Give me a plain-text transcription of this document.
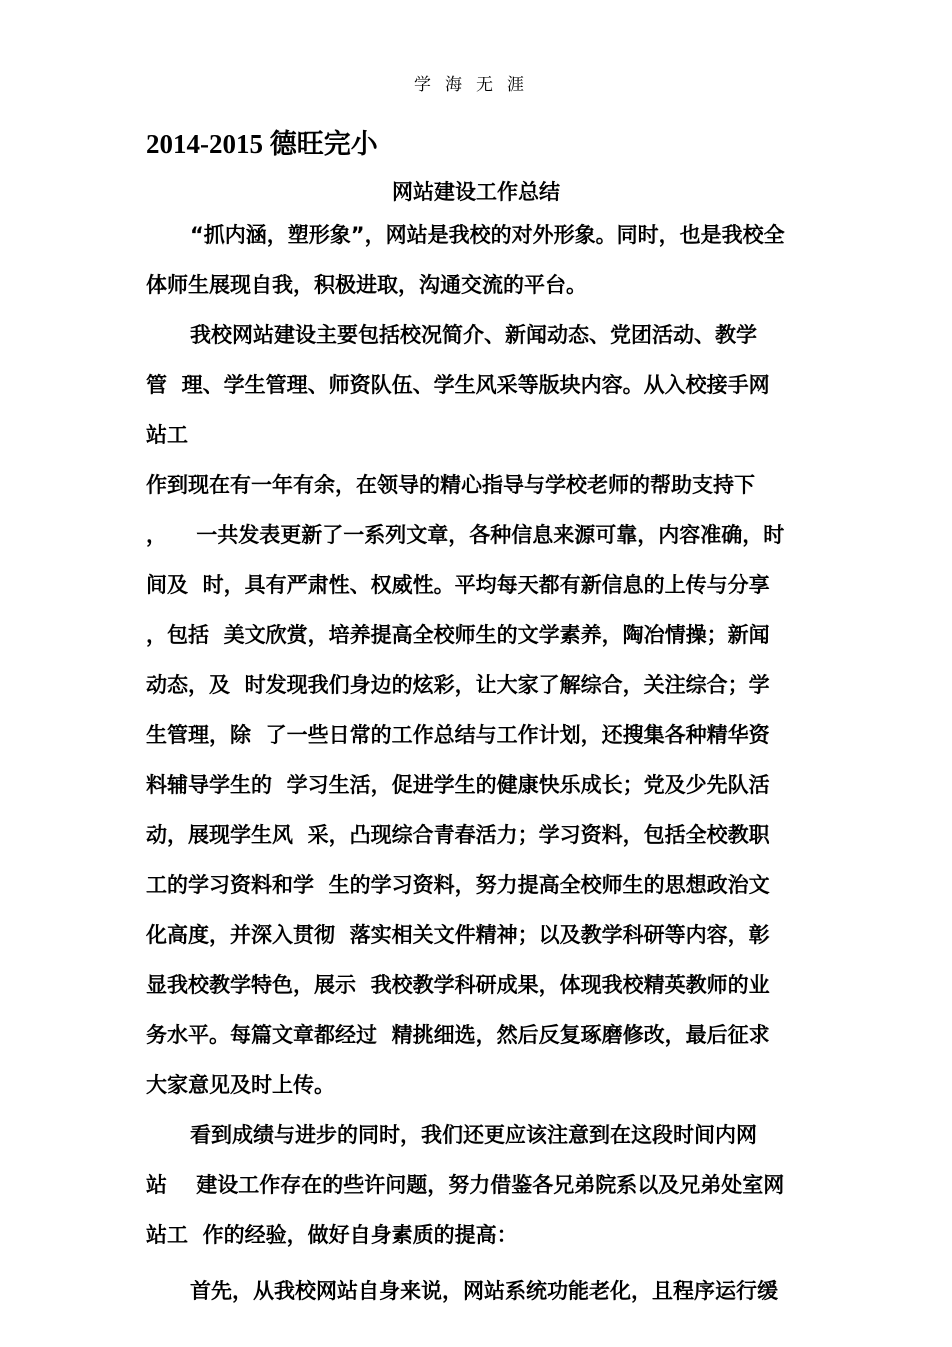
学海无涯
2014-2015 德旺完小
网站建设工作总结
“抓内涵，塑形象”，网站是我校的对外形象。同时，也是我校全
体师生展现自我，积极进取，沟通交流的平台。
我校网站建设主要包括校况简介、新闻动态、党团活动、教学
管  理、学生管理、师资队伍、学生风采等版块内容。从入校接手网
站工
作到现在有一年有余，在领导的精心指导与学校老师的帮助支持下
，    一共发表更新了一系列文章，各种信息来源可靠，内容准确，时
间及  时，具有严肃性、权威性。平均每天都有新信息的上传与分享
，包括  美文欣赏，培养提高全校师生的文学素养，陶冶情操；新闻
动态，及  时发现我们身边的炫彩，让大家了解综合，关注综合；学
生管理，除  了一些日常的工作总结与工作计划，还搜集各种精华资
料辅导学生的  学习生活，促进学生的健康快乐成长；党及少先队活
动，展现学生风  采，凸现综合青春活力；学习资料，包括全校教职
工的学习资料和学  生的学习资料，努力提高全校师生的思想政治文
化高度，并深入贯彻  落实相关文件精神；以及教学科研等内容，彰
显我校教学特色，展示  我校教学科研成果，体现我校精英教师的业
务水平。每篇文章都经过  精挑细选，然后反复琢磨修改，最后征求
大家意见及时上传。
看到成绩与进步的同时，我们还更应该注意到在这段时间内网
站    建设工作存在的些许问题，努力借鉴各兄弟院系以及兄弟处室网
站工  作的经验，做好自身素质的提高：
首先，从我校网站自身来说，网站系统功能老化，且程序运行缓
